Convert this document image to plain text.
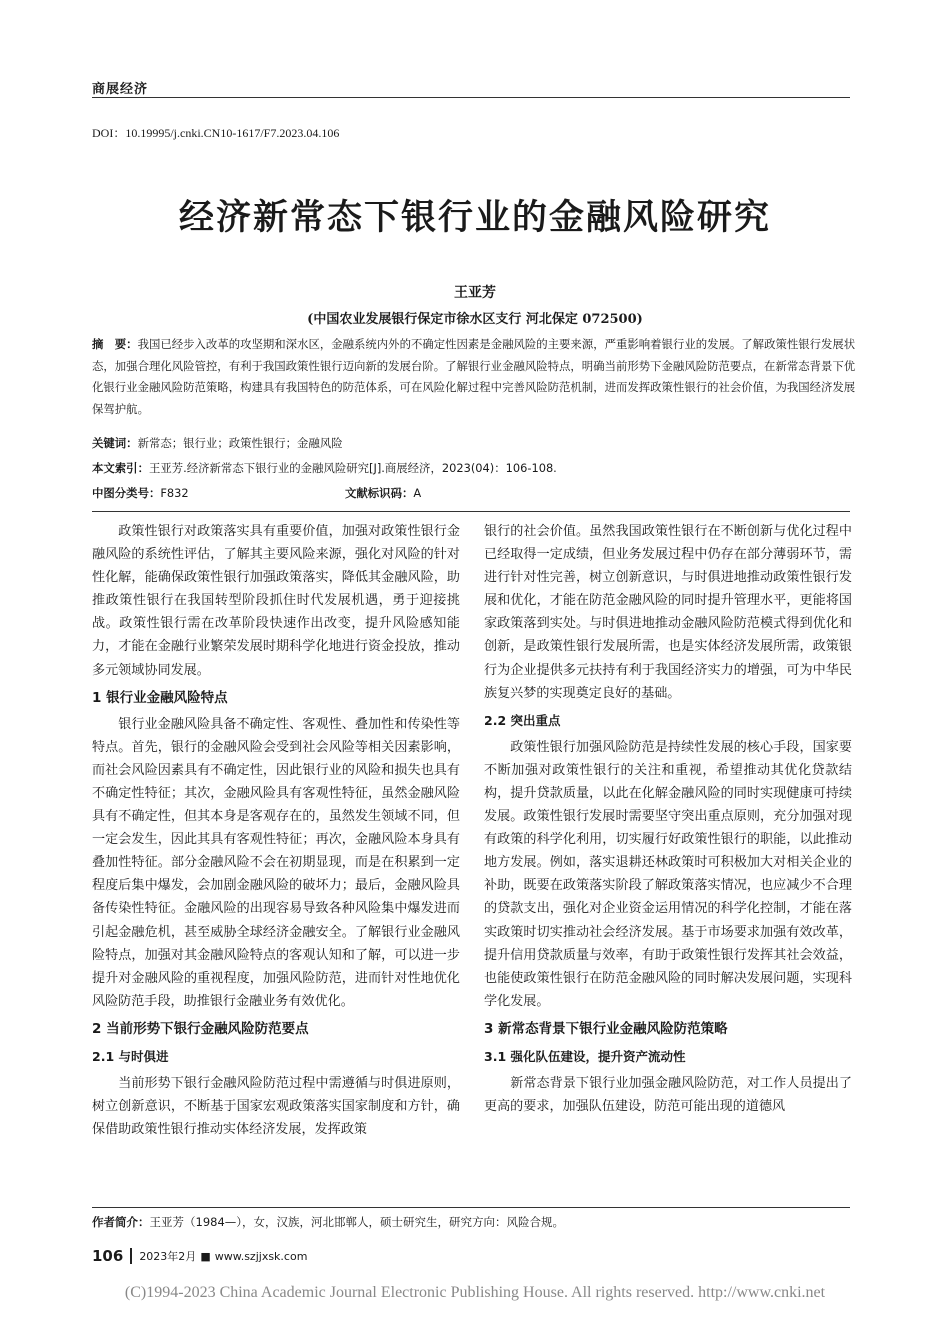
商展经济
DOI：10.19995/j.cnki.CN10-1617/F7.2023.04.106
经济新常态下银行业的金融风险研究
王亚芳
(中国农业发展银行保定市徐水区支行 河北保定 072500)
摘　要：我国已经步入改革的攻坚期和深水区，金融系统内外的不确定性因素是金融风险的主要来源，严重影响着银行业的发展。了解政策性银行发展状态，加强合理化风险管控，有利于我国政策性银行迈向新的发展台阶。了解银行业金融风险特点，明确当前形势下金融风险防范要点，在新常态背景下优化银行业金融风险防范策略，构建具有我国特色的防范体系，可在风险化解过程中完善风险防范机制，进而发挥政策性银行的社会价值，为我国经济发展保驾护航。
关键词：新常态；银行业；政策性银行；金融风险
本文索引：王亚芳.经济新常态下银行业的金融风险研究[J].商展经济，2023(04)：106-108.
中图分类号：F832	文献标识码：A

政策性银行对政策落实具有重要价值，加强对政策性银行金融风险的系统性评估，了解其主要风险来源，强化对风险的针对性化解，能确保政策性银行加强政策落实，降低其金融风险，助推政策性银行在我国转型阶段抓住时代发展机遇，勇于迎接挑战。政策性银行需在改革阶段快速作出改变，提升风险感知能力，才能在金融行业繁荣发展时期科学化地进行资金投放，推动多元领域协同发展。

1 银行业金融风险特点

银行业金融风险具备不确定性、客观性、叠加性和传染性等特点。首先，银行的金融风险会受到社会风险等相关因素影响，而社会风险因素具有不确定性，因此银行业的风险和损失也具有不确定性特征；其次，金融风险具有客观性特征，虽然金融风险具有不确定性，但其本身是客观存在的，虽然发生领域不同，但一定会发生，因此其具有客观性特征；再次，金融风险本身具有叠加性特征。部分金融风险不会在初期显现，而是在积累到一定程度后集中爆发，会加剧金融风险的破坏力；最后，金融风险具备传染性特征。金融风险的出现容易导致各种风险集中爆发进而引起金融危机，甚至威胁全球经济金融安全。了解银行业金融风险特点，加强对其金融风险特点的客观认知和了解，可以进一步提升对金融风险的重视程度，加强风险防范，进而针对性地优化风险防范手段，助推银行金融业务有效优化。

2 当前形势下银行金融风险防范要点
2.1 与时俱进

当前形势下银行金融风险防范过程中需遵循与时俱进原则，树立创新意识，不断基于国家宏观政策落实国家制度和方针，确保借助政策性银行推动实体经济发展，发挥政策

银行的社会价值。虽然我国政策性银行在不断创新与优化过程中已经取得一定成绩，但业务发展过程中仍存在部分薄弱环节，需进行针对性完善，树立创新意识，与时俱进地推动政策性银行发展和优化，才能在防范金融风险的同时提升管理水平，更能将国家政策落到实处。与时俱进地推动金融风险防范模式得到优化和创新，是政策性银行发展所需，也是实体经济发展所需，政策银行为企业提供多元扶持有利于我国经济实力的增强，可为中华民族复兴梦的实现奠定良好的基础。

2.2 突出重点

政策性银行加强风险防范是持续性发展的核心手段，国家要不断加强对政策性银行的关注和重视，希望推动其优化贷款结构，提升贷款质量，以此在化解金融风险的同时实现健康可持续发展。政策性银行发展时需要坚守突出重点原则，充分加强对现有政策的科学化利用，切实履行好政策性银行的职能，以此推动地方发展。例如，落实退耕还林政策时可积极加大对相关企业的补助，既要在政策落实阶段了解政策落实情况，也应减少不合理的贷款支出，强化对企业资金运用情况的科学化控制，才能在落实政策时切实推动社会经济发展。基于市场要求加强有效改革，提升信用贷款质量与效率，有助于政策性银行发挥其社会效益，也能使政策性银行在防范金融风险的同时解决发展问题，实现科学化发展。

3 新常态背景下银行业金融风险防范策略
3.1 强化队伍建设，提升资产流动性

新常态背景下银行业加强金融风险防范，对工作人员提出了更高的要求，加强队伍建设，防范可能出现的道德风

作者简介：王亚芳（1984—），女，汉族，河北邯郸人，硕士研究生，研究方向：风险合规。
106 2023年2月 ■ www.szjjxsk.com
(C)1994-2023 China Academic Journal Electronic Publishing House. All rights reserved. http://www.cnki.net
